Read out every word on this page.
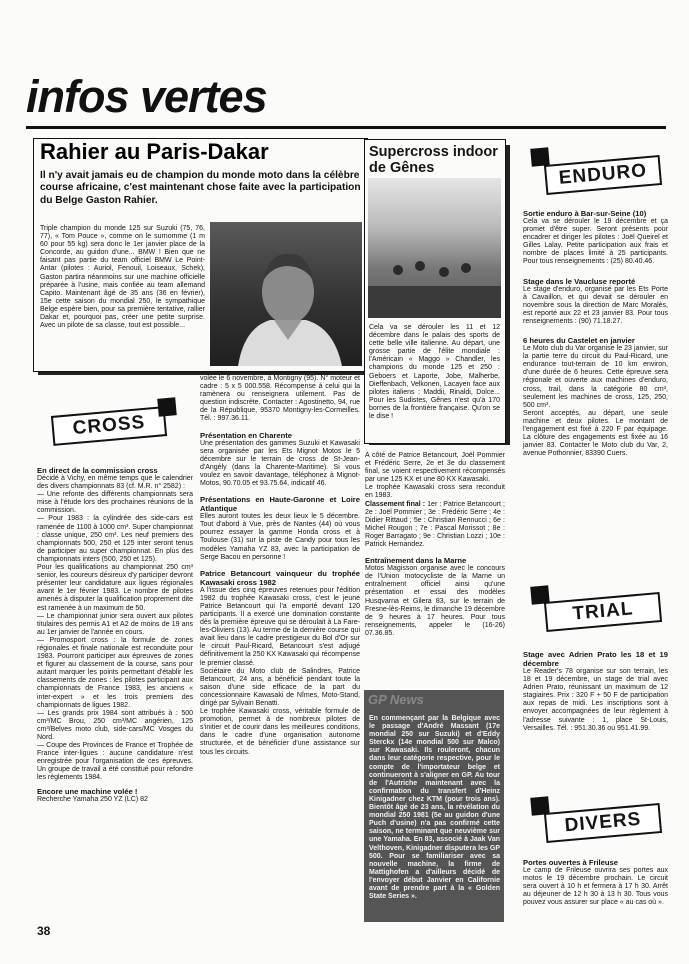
infos vertes
Rahier au Paris-Dakar
Il n'y avait jamais eu de champion du monde moto dans la célèbre course africaine, c'est maintenant chose faite avec la participation du Belge Gaston Rahier.
Triple champion du monde 125 sur Suzuki (75, 76, 77), « Tom Pouce », comme on le surnomme (1 m 60 pour 55 kg) sera donc le 1er janvier place de la Concorde, au guidon d'une... BMW ! Bien que ne faisant pas partie du team officiel BMW Le Point-Antar (pilotes : Auriol, Fenouil, Loiseaux, Schek), Gaston partira néanmoins sur une machine officielle préparée à l'usine, mais confiée au team allemand Capito. Maintenant âgé de 35 ans (36 en février), 15e cette saison du mondial 250, le sympathique Belge espère bien, pour sa première tentative, rallier Dakar et, pourquoi pas, créer une petite surprise. Avec un pilote de sa classe, tout est possible...
CROSS

En direct de la commission cross

Décidé à Vichy, en même temps que le calendrier des divers championnats 83 (cf. M.R. n° 2582) :

— Une refonte des différents championnats sera mise à l'étude lors des prochaines réunions de la commission.

— Pour 1983 : la cylindrée des side-cars est ramenée de 1100 à 1000 cm³. Super championnat : classe unique, 250 cm³. Les neuf premiers des championnats 500, 250 et 125 inter seront tenus de participer au super championnat. En plus des championnats inters (500, 250 et 125).

Pour les qualifications au championnat 250 cm³ senior, les coureurs désireux d'y participer devront présenter leur candidature aux ligues régionales avant le 1er février 1983. Le nombre de pilotes amenés à disputer la qualification proprement dite est ramenée à un maximum de 50.

— Le championnat junior sera ouvert aux pilotes titulaires des permis A1 et A2 de moins de 19 ans au 1er janvier de l'année en cours.

— Promosport cross : la formule de zones régionales et finale nationale est reconduite pour 1983. Pourront participer aux épreuves de zones et figurer au classement de la course, sans pour autant marquer les points permettant d'établir les classements de zones : les pilotes participant aux championnats de France 1983, les anciens « inter-expert » et les trois premiers des championnats de ligues 1982.

— Les grands prix 1984 sont attribués à : 500 cm³/MC Brou, 250 cm³/MC angérien, 125 cm³/Belves moto club, side-cars/MC Vosges du Nord.

— Coupe des Provinces de France et Trophée de France inter-ligues : aucune candidature n'est enregistrée pour l'organisation de ces épreuves. Un groupe de travail a été constitué pour refondre les règlements 1984.

Encore une machine volée !

Recherche Yamaha 250 YZ (LC) 82

38

volée le 6 novembre, à Montigny (95). N° moteur et cadre : 5 x 5 000.558. Récompense à celui qui la ramènera ou renseignera utilement. Pas de question indiscrète. Contacter : Agostinetto, 94, rue de la République, 95370 Montigny-les-Cormeilles. Tél. : 997.36.11.

Présentation en Charente

Une présentation des gammes Suzuki et Kawasaki sera organisée par les Ets Mignot Motos le 5 décembre sur le terrain de cross de St-Jean-d'Angély (dans la Charente-Maritime). Si vous voulez en savoir davantage, téléphonez à Mignot-Motos, 90.70.05 et 93.75.64, indicatif 46.

Présentations en Haute-Garonne et Loire Atlantique

Elles auront toutes les deux lieux le 5 décembre. Tout d'abord à Vue, près de Nantes (44) où vous pourrez essayer la gamme Honda cross et à Toulouse (31) sur la piste de Candy pour tous les modèles Yamaha YZ 83, avec la participation de Serge Bacou en personne !

Patrice Betancourt vainqueur du trophée Kawasaki cross 1982

A l'issue des cinq épreuves retenues pour l'édition 1982 du trophée Kawasaki cross, c'est le jeune Patrice Betancourt qui l'a emporté devant 120 participants. Il a exercé une domination constante dès la première épreuve qui se déroulait à La Fare-les-Oliviers (13). Au terme de la dernière course qui avait lieu dans le cadre prestigieux du Bol d'Or sur le circuit Paul-Ricard, Betancourt s'est adjugé définitivement la 250 KX Kawasaki qui récompense le premier classé.

Sociétaire du Moto club de Salindres, Patrice Betancourt, 24 ans, a bénéficié pendant toute la saison d'une side efficace de la part du concessionnaire Kawasaki de Nîmes, Moto-Stand, dirigé par Sylvain Benatti.

Le trophée Kawasaki cross, véritable formule de promotion, permet à de nombreux pilotes de s'initier et de courir dans les meilleures conditions, dans le cadre d'une organisation autonome structurée, et de bénéficier d'une assistance sur tous les circuits.

Supercross indoor de Gênes
Cela va se dérouler les 11 et 12 décembre dans le palais des sports de cette belle ville italienne. Au départ, une grosse partie de l'élite mondiale : l'Américain « Maggo » Chandler, les champions du monde 125 et 250 : Geboers et Laporte, Jobe, Malherbe, Dieffenbach, Velkonen, Lacayen face aux pilotes italiens : Maddii, Rinaldi, Dolce... Pour les Sudistes, Gênes n'est qu'à 170 bornes de la frontière française. Qu'on se le dise !

A côté de Patrice Betancourt, Joël Pommier et Frédéric Serre, 2e et 3e du classement final, se voient respectivement récompensés par une 125 KX et une 80 KX Kawasaki.

Le trophée Kawasaki cross sera reconduit en 1983.

Classement final : 1er : Patrice Betancourt ; 2e : Joël Pommier ; 3e : Frédéric Serre ; 4e : Didier Rittaud ; 5e : Christian Rennucci ; 6e : Michel Rougon ; 7e : Pascal Morissot ; 8e : Roger Barragato ; 9e : Christian Lozzi ; 10e : Patrick Hernandez.

Entraînement dans la Marne

Motos Magisson organise avec le concours de l'Union motocycliste de la Marne un entraînement officiel ainsi qu'une présentation et essai des modèles Husqvarna et Gilera 83, sur le terrain de Fresne-lès-Reims, le dimanche 19 décembre de 9 heures à 17 heures. Pour tous renseignements, appeler le (16-26) 07.36.85.

GP News
En commençant par la Belgique avec le passage d'André Massant (17e mondial 250 sur Suzuki) et d'Eddy Sterckx (14e mondial 500 sur Malco) sur Kawasaki. Ils rouleront, chacun dans leur catégorie respective, pour le compte de l'importateur belge et continueront à s'aligner en GP. Au tour de l'Autriche maintenant avec la confirmation du transfert d'Heinz Kinigadner chez KTM (pour trois ans). Bientôt âgé de 23 ans, la révélation du mondial 250 1981 (5e au guidon d'une Puch d'usine) n'a pas confirmé cette saison, ne terminant que neuvième sur une Yamaha. En 83, associé à Jaak Van Velthoven, Kinigadner disputera les GP 500. Pour se familiariser avec sa nouvelle machine, la firme de Mattighofen a d'ailleurs décidé de l'envoyer début Janvier en Californie avant de prendre part à la « Golden State Series ».
ENDURO

Sortie enduro à Bar-sur-Seine (10)

Cela va se dérouler le 19 décembre et ça promet d'être super. Seront présents pour encadrer et diriger les pilotes : Joël Queirel et Gilles Lalay. Petite participation aux frais et nombre de places limité à 25 participants. Pour tous renseignements : (25) 80.40.46.

Stage dans le Vaucluse reporté

Le stage d'enduro, organisé par les Ets Porte à Cavaillon, et qui devait se dérouler en novembre sous la direction de Marc Moralès, est reporté aux 22 et 23 janvier 83. Pour tous renseignements : (90) 71.18.27.

6 heures du Castelet en janvier

Le Moto club du Var organise le 23 janvier, sur la partie terre du circuit du Paul-Ricard, une endurance tout-terrain de 10 km environ, d'une durée de 6 heures. Cette épreuve sera régionale et ouverte aux machines d'enduro, cross, trail, dans la catégorie 80 cm³, seulement les machines de cross, 125, 250, 500 cm³.

Seront acceptés, au départ, une seule machine et deux pilotes. Le montant de l'engagement est fixé à 220 F par équipage. La clôture des engagements est fixée au 16 janvier 83. Contacter le Moto club du Var, 2, avenue Pothonnier, 83390 Cuers.

TRIAL

Stage avec Adrien Prato les 18 et 19 décembre

Le Reader's 78 organise sur son terrain, les 18 et 19 décembre, un stage de trial avec Adrien Prato, réunissant un maximum de 12 stagiaires. Prix : 320 F + 50 F de participation aux repas de midi. Les inscriptions sont à envoyer accompagnées de leur règlement à l'adresse suivante : 1, place St-Louis, Versailles. Tél. : 951.30.36 ou 951.41.99.

DIVERS

Portes ouvertes à Frileuse

Le camp de Frileuse ouvrira ses portes aux motos le 19 décembre prochain. Le circuit sera ouvert à 10 h et fermera à 17 h 30. Arrêt au déjeuner de 12 h 30 à 13 h 30. Tous vous pouvez vous assurer sur place « au cas où ».
